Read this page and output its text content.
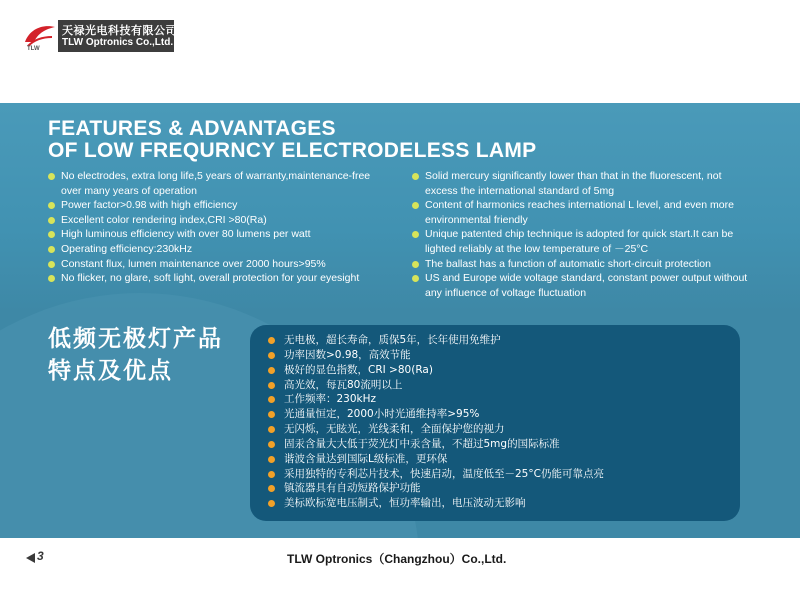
TLW
天禄光电科技有限公司
TLW Optronics Co.,Ltd.
FEATURES & ADVANTAGES
OF LOW FREQURNCY ELECTRODELESS LAMP
No electrodes, extra long life,5 years of warranty,maintenance-free over many years of operation
Power factor>0.98 with high efficiency
Excellent color rendering index,CRI >80(Ra)
High luminous efficiency with over 80 lumens per watt
Operating efficiency:230kHz
Constant flux, lumen maintenance over 2000 hours>95%
No flicker, no glare, soft light, overall protection for your eyesight
Solid mercury significantly lower than that in the fluorescent, not excess the international standard of 5mg
Content of harmonics reaches international L level, and even more environmental friendly
Unique patented chip technique is adopted for quick start.It can be lighted reliably at the low temperature of －25°C
The ballast has a function of automatic short-circuit protection
US and Europe wide voltage standard, constant power output without any influence of voltage fluctuation
低频无极灯产品
特点及优点
无电极，超长寿命，质保5年，长年使用免维护
功率因数>0.98，高效节能
极好的显色指数，CRI >80(Ra)
高光效，每瓦80流明以上
工作频率：230kHz
光通量恒定，2000小时光通维持率>95%
无闪烁，无眩光，光线柔和，全面保护您的视力
固汞含量大大低于荧光灯中汞含量，不超过5mg的国际标准
谐波含量达到国际L级标准，更环保
采用独特的专利芯片技术，快速启动，温度低至－25°C仍能可靠点亮
镇流器具有自动短路保护功能
美标欧标宽电压制式，恒功率输出，电压波动无影响
3	TLW Optronics（Changzhou）Co.,Ltd.
